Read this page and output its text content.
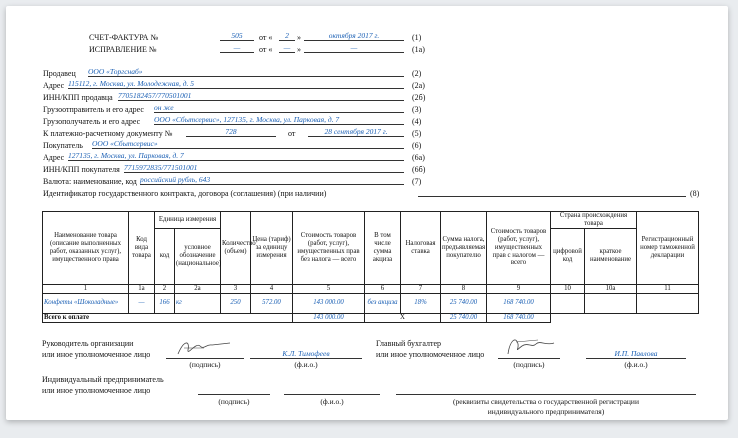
СЧЕТ-ФАКТУРА №	505	от «	2	»	октября 2017 г.	(1)
ИСПРАВЛЕНИЕ №	—	от «	— »	—	(1а)
Продавец ООО «Торгснаб»	(2)
Адрес 115112, г. Москва, ул. Молодежная, д. 5	(2а)
ИНН/КПП продавца 7705182457/770501001	(2б)
Грузоотправитель и его адрес он же	(3)
Грузополучатель и его адрес ООО «Сбытсервис», 127135, г. Москва, ул. Парковая, д. 7	(4)
К платежно-расчетному документу №	728	от	28 сентября 2017 г.	(5)
Покупатель ООО «Сбытсервис»	(6)
Адрес 127135, г. Москва, ул. Парковая, д. 7	(6а)
ИНН/КПП покупателя 7715972835/771501001	(6б)
Валюта: наименование, код российский рубль, 643	(7)
Идентификатор государственного контракта, договора (соглашения) (при наличии)	(8)
Наименование товара (описание выполненных работ, оказанных услуг), имущественного права	Код вида товара	Единица измерения		Количество (объем)	Цена (тариф) за единицу измерения	Стоимость товаров (работ, услуг), имущественных прав без налога — всего	В том числе сумма акциза	Налоговая ставка	Сумма налога, предъявляемая покупателю	Стоимость товаров (работ, услуг), имущественных прав с налогом — всего	Страна происхождения товара		Регистрационный номер таможенной декларации
		код	условное обозначение (национальное)								цифровой код	краткое наименование	
1	1а	2	2а	3	4	5	6	7	8	9	10	10а	11
Конфеты «Шоколадные»	—	166	кг	250	572.00	143 000.00	без акциза	18%	25 740.00	168 740.00			
Всего к оплате						143 000.00	X		25 740.00	168 740.00			
Руководитель организации
или иное уполномоченное лицо
(подпись)
К.Л. Тимофеев
(ф.и.о.)
Главный бухгалтер
или иное уполномоченное лицо
(подпись)
И.П. Павлова
(ф.и.о.)
Индивидуальный предприниматель
или иное уполномоченное лицо
(подпись)	(ф.и.о.)	(реквизиты свидетельства о государственной регистрации
индивидуального предпринимателя)
